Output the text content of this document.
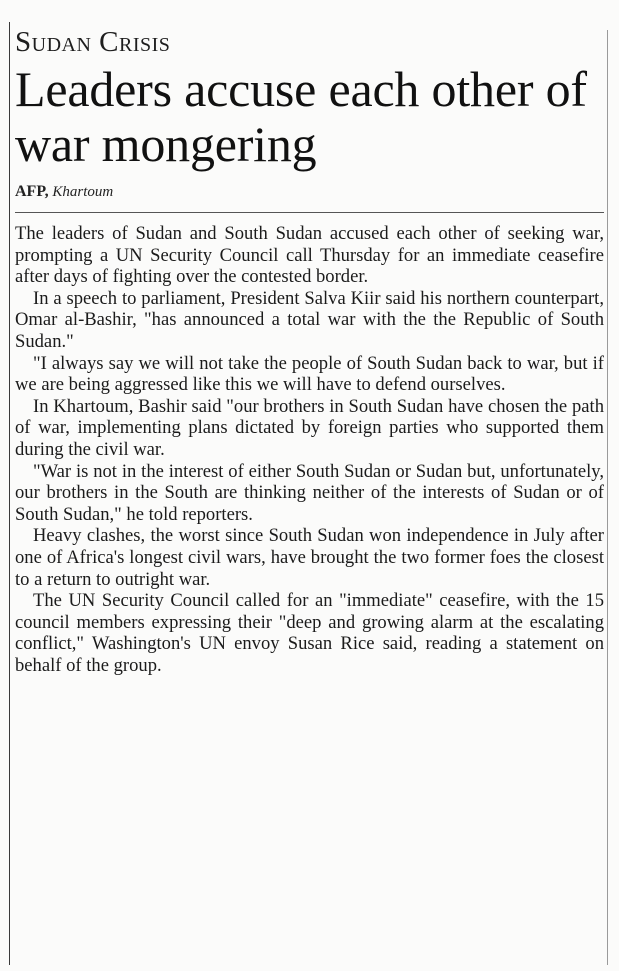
Sudan Crisis
Leaders accuse each other of war mongering
AFP, Khartoum

The leaders of Sudan and South Sudan accused each other of seeking war, prompting a UN Security Council call Thursday for an immediate ceasefire after days of fighting over the contested border.

In a speech to parliament, President Salva Kiir said his northern counterpart, Omar al-Bashir, "has announced a total war with the the Republic of South Sudan."

"I always say we will not take the people of South Sudan back to war, but if we are being aggressed like this we will have to defend ourselves.

In Khartoum, Bashir said "our brothers in South Sudan have chosen the path of war, implementing plans dictated by foreign parties who supported them during the civil war.

"War is not in the interest of either South Sudan or Sudan but, unfortunately, our brothers in the South are thinking neither of the interests of Sudan or of South Sudan," he told reporters.

Heavy clashes, the worst since South Sudan won independence in July after one of Africa's longest civil wars, have brought the two former foes the closest to a return to outright war.

The UN Security Council called for an "immediate" ceasefire, with the 15 council members expressing their "deep and growing alarm at the escalating conflict," Washington's UN envoy Susan Rice said, reading a statement on behalf of the group.
